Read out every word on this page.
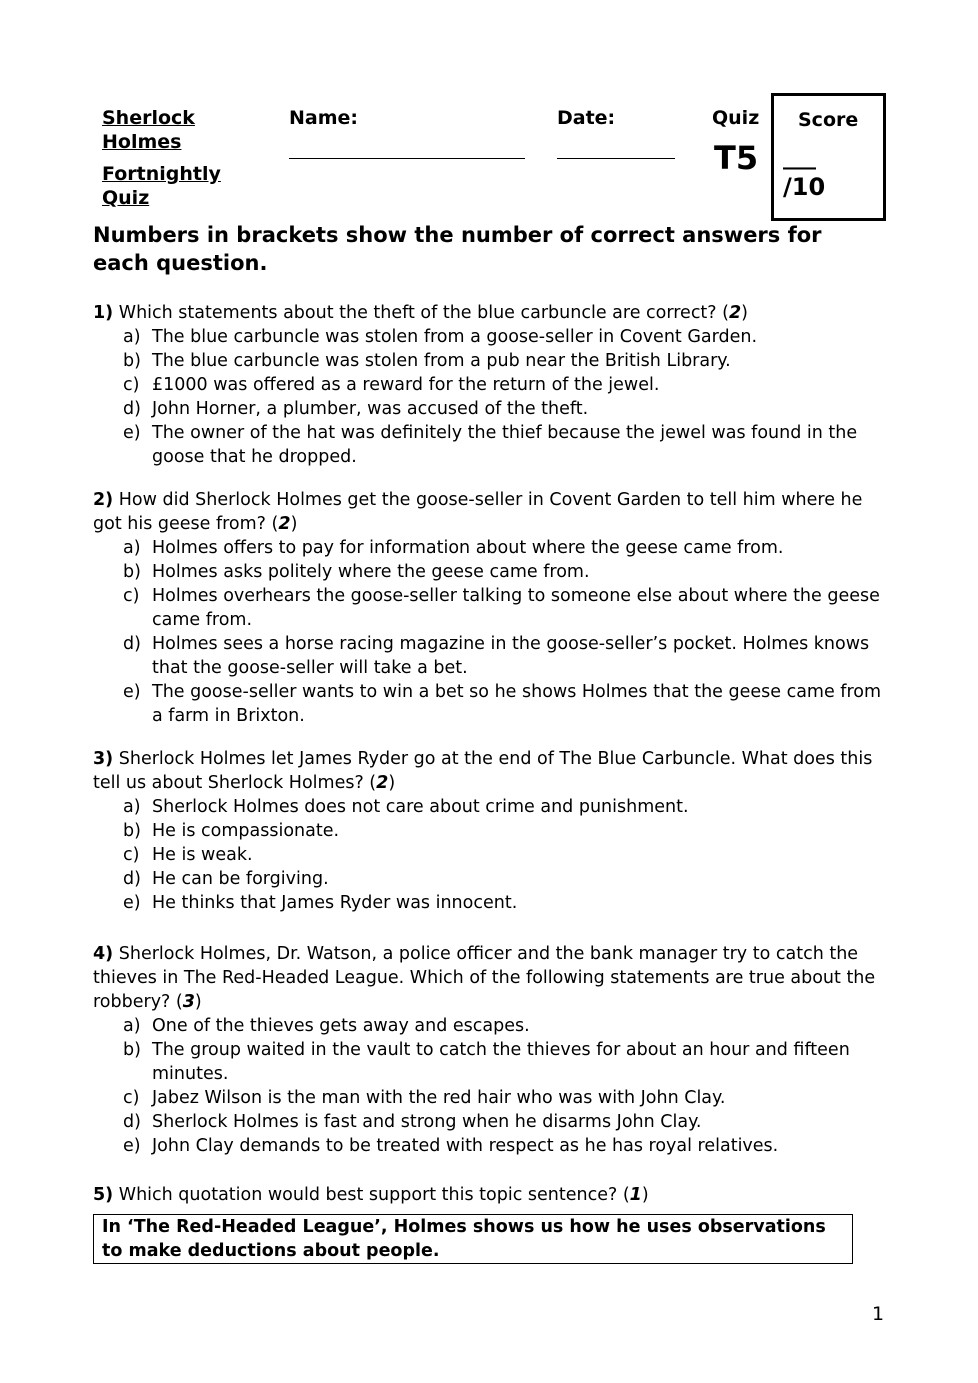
Sherlock
Holmes
Fortnightly
Quiz
Name:	Date:	Quiz
T5
Score
___
/10
Numbers in brackets show the number of correct answers for each question.
1) Which statements about the theft of the blue carbuncle are correct? (2)
a) The blue carbuncle was stolen from a goose-seller in Covent Garden.
b) The blue carbuncle was stolen from a pub near the British Library.
c) £1000 was offered as a reward for the return of the jewel.
d) John Horner, a plumber, was accused of the theft.
e) The owner of the hat was definitely the thief because the jewel was found in the goose that he dropped.
2) How did Sherlock Holmes get the goose-seller in Covent Garden to tell him where he got his geese from? (2)
a) Holmes offers to pay for information about where the geese came from.
b) Holmes asks politely where the geese came from.
c) Holmes overhears the goose-seller talking to someone else about where the geese came from.
d) Holmes sees a horse racing magazine in the goose-seller’s pocket. Holmes knows that the goose-seller will take a bet.
e) The goose-seller wants to win a bet so he shows Holmes that the geese came from a farm in Brixton.
3) Sherlock Holmes let James Ryder go at the end of The Blue Carbuncle. What does this tell us about Sherlock Holmes? (2)
a) Sherlock Holmes does not care about crime and punishment.
b) He is compassionate.
c) He is weak.
d) He can be forgiving.
e) He thinks that James Ryder was innocent.
4) Sherlock Holmes, Dr. Watson, a police officer and the bank manager try to catch the thieves in The Red-Headed League. Which of the following statements are true about the robbery? (3)
a) One of the thieves gets away and escapes.
b) The group waited in the vault to catch the thieves for about an hour and fifteen minutes.
c) Jabez Wilson is the man with the red hair who was with John Clay.
d) Sherlock Holmes is fast and strong when he disarms John Clay.
e) John Clay demands to be treated with respect as he has royal relatives.
5) Which quotation would best support this topic sentence? (1)
In ‘The Red-Headed League’, Holmes shows us how he uses observations to make deductions about people.
1
